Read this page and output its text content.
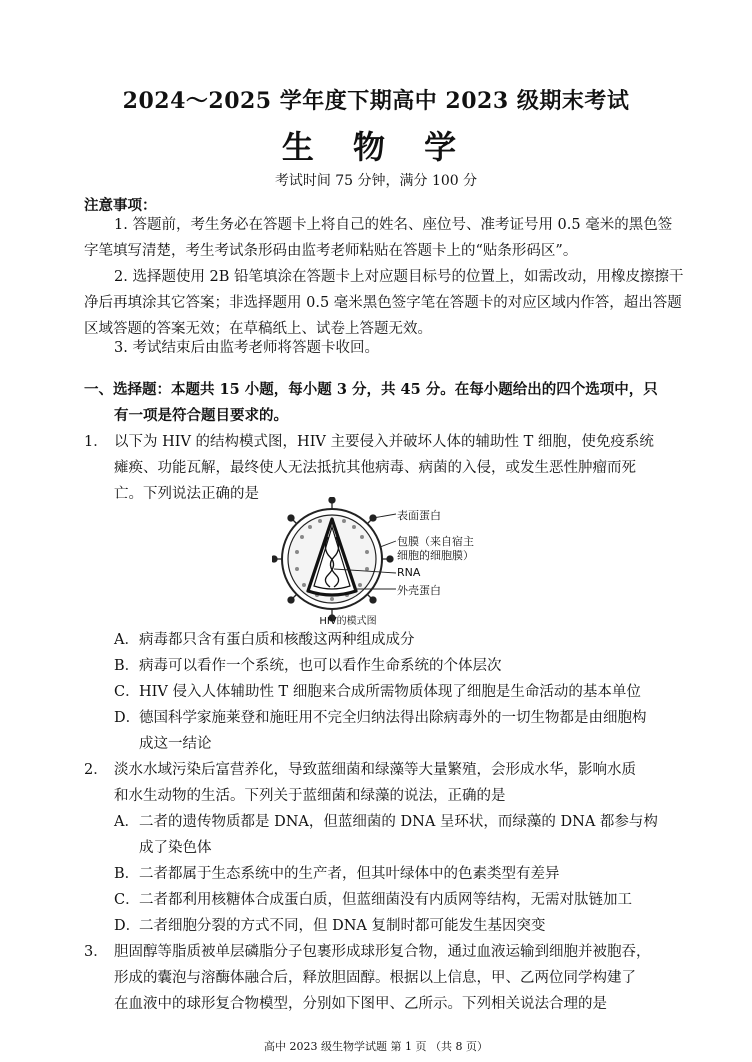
2024～2025 学年度下期高中 2023 级期末考试
生 物 学
考试时间 75 分钟，满分 100 分
注意事项：
1. 答题前，考生务必在答题卡上将自己的姓名、座位号、准考证号用 0.5 毫米的黑色签字笔填写清楚，考生考试条形码由监考老师粘贴在答题卡上的“贴条形码区”。
2. 选择题使用 2B 铅笔填涂在答题卡上对应题目标号的位置上，如需改动，用橡皮擦擦干净后再填涂其它答案；非选择题用 0.5 毫米黑色签字笔在答题卡的对应区域内作答，超出答题区域答题的答案无效；在草稿纸上、试卷上答题无效。
3. 考试结束后由监考老师将答题卡收回。
一、选择题：本题共 15 小题，每小题 3 分，共 45 分。在每小题给出的四个选项中，只
有一项是符合题目要求的。
1． 以下为 HIV 的结构模式图，HIV 主要侵入并破坏人体的辅助性 T 细胞，使免疫系统
瘫痪、功能瓦解，最终使人无法抵抗其他病毒、病菌的入侵，或发生恶性肿瘤而死
亡。下列说法正确的是
表面蛋白
包膜（来自宿主
细胞的细胞膜）
RNA
外壳蛋白
HIV的模式图
A．病毒都只含有蛋白质和核酸这两种组成成分
B．病毒可以看作一个系统，也可以看作生命系统的个体层次
C．HIV 侵入人体辅助性 T 细胞来合成所需物质体现了细胞是生命活动的基本单位
D．德国科学家施莱登和施旺用不完全归纳法得出除病毒外的一切生物都是由细胞构
成这一结论
2． 淡水水域污染后富营养化，导致蓝细菌和绿藻等大量繁殖，会形成水华，影响水质
和水生动物的生活。下列关于蓝细菌和绿藻的说法，正确的是
A．二者的遗传物质都是 DNA，但蓝细菌的 DNA 呈环状，而绿藻的 DNA 都参与构
成了染色体
B．二者都属于生态系统中的生产者，但其叶绿体中的色素类型有差异
C．二者都利用核糖体合成蛋白质，但蓝细菌没有内质网等结构，无需对肽链加工
D．二者细胞分裂的方式不同，但 DNA 复制时都可能发生基因突变
3． 胆固醇等脂质被单层磷脂分子包裹形成球形复合物，通过血液运输到细胞并被胞吞，
形成的囊泡与溶酶体融合后，释放胆固醇。根据以上信息，甲、乙两位同学构建了
在血液中的球形复合物模型，分别如下图甲、乙所示。下列相关说法合理的是
高中 2023 级生物学试题 第 1 页 （共 8 页）
